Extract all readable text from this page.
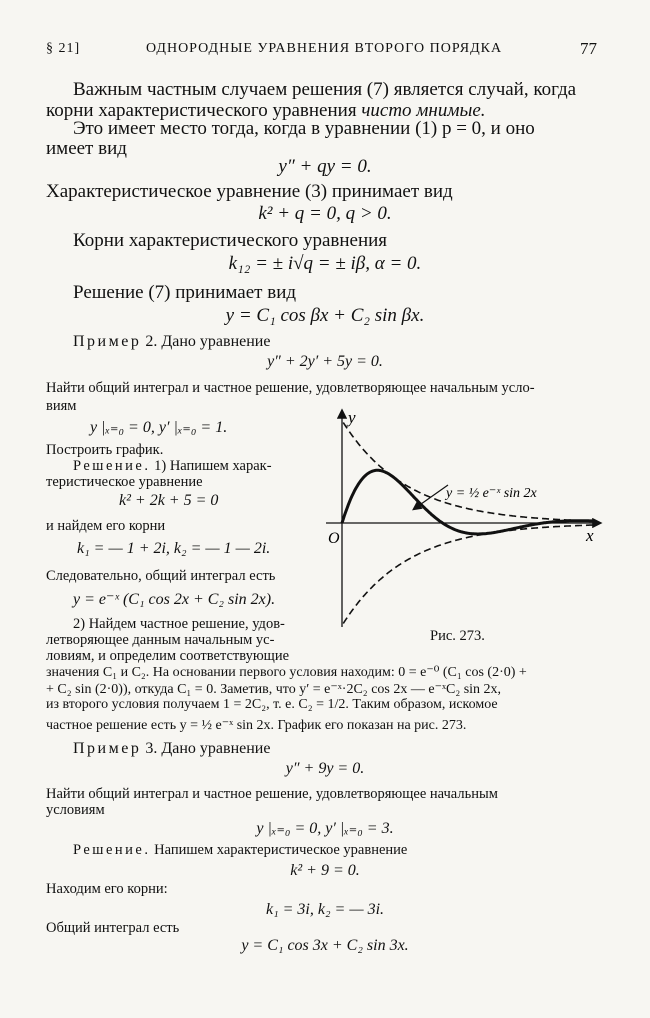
§ 21]	ОДНОРОДНЫЕ УРАВНЕНИЯ ВТОРОГО ПОРЯДКА	77
Важным частным случаем решения (7) является случай, когда
корни характеристического уравнения чисто мнимые.
Это имеет место тогда, когда в уравнении (1) p = 0, и оно
имеет вид
y″ + qy = 0.
Характеристическое уравнение (3) принимает вид
k² + q = 0, q > 0.
Корни характеристического уравнения
k₁₂ = ± i√q = ± iβ, α = 0.
Решение (7) принимает вид
y = C₁ cos βx + C₂ sin βx.
Пример 2. Дано уравнение
y″ + 2y′ + 5y = 0.
Найти общий интеграл и частное решение, удовлетворяющее начальным усло-
виям
y |ₓ₌₀ = 0, y′ |ₓ₌₀ = 1.
Построить график.
Решение. 1) Напишем харак-
теристическое уравнение
k² + 2k + 5 = 0
и найдем его корни
k₁ = — 1 + 2i, k₂ = — 1 — 2i.
Следовательно, общий интеграл есть
y = e⁻ˣ (C₁ cos 2x + C₂ sin 2x).
2) Найдем частное решение, удов-
летворяющее данным начальным ус-
ловиям, и определим соответствующие
значения C₁ и C₂. На основании первого условия находим: 0 = e⁻⁰ (C₁ cos (2·0) +
+ C₂ sin (2·0)), откуда C₁ = 0. Заметив, что y′ = e⁻ˣ·2C₂ cos 2x — e⁻ˣC₂ sin 2x,
из второго условия получаем 1 = 2C₂, т. е. C₂ = 1/2. Таким образом, искомое
частное решение есть y = ½ e⁻ˣ sin 2x. График его показан на рис. 273.
Пример 3. Дано уравнение
y″ + 9y = 0.
Найти общий интеграл и частное решение, удовлетворяющее начальным
условиям
y |ₓ₌₀ = 0, y′ |ₓ₌₀ = 3.
Решение. Напишем характеристическое уравнение
k² + 9 = 0.
Находим его корни:
k₁ = 3i, k₂ = — 3i.
Общий интеграл есть
y = C₁ cos 3x + C₂ sin 3x.
y
x
O
y = ½ e⁻ˣ sin 2x
Рис. 273.
